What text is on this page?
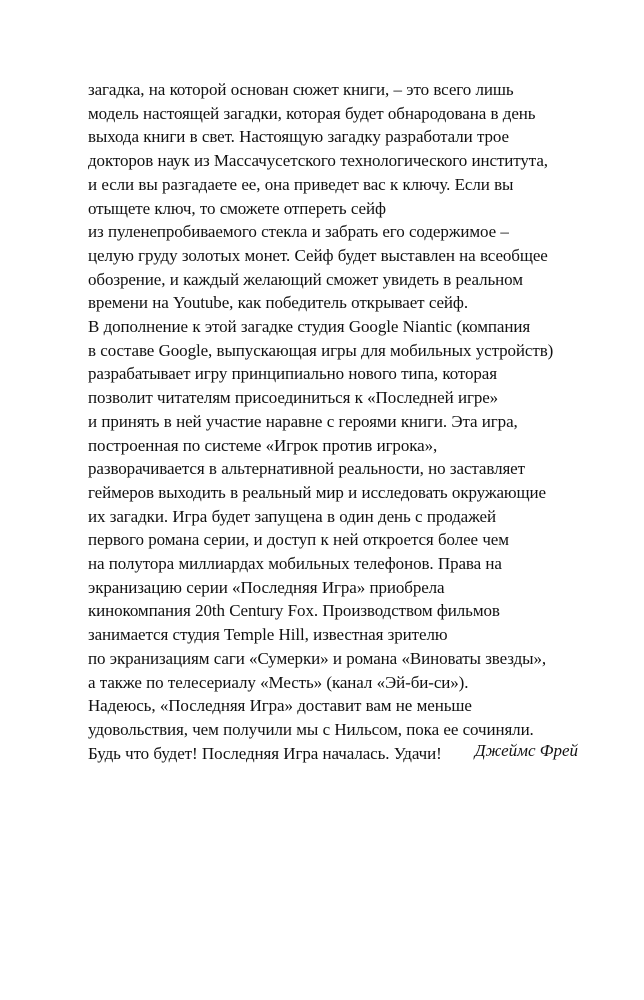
загадка, на которой основан сюжет книги, – это всего лишь
модель настоящей загадки, которая будет обнародована в день
выхода книги в свет. Настоящую загадку разработали трое
докторов наук из Массачусетского технологического института,
и если вы разгадаете ее, она приведет вас к ключу. Если вы
отыщете ключ, то сможете отпереть сейф
из пуленепробиваемого стекла и забрать его содержимое –
целую груду золотых монет. Сейф будет выставлен на всеобщее
обозрение, и каждый желающий сможет увидеть в реальном
времени на Youtube, как победитель открывает сейф.
В дополнение к этой загадке студия Google Niantic (компания
в составе Google, выпускающая игры для мобильных устройств)
разрабатывает игру принципиально нового типа, которая
позволит читателям присоединиться к «Последней игре»
и принять в ней участие наравне с героями книги. Эта игра,
построенная по системе «Игрок против игрока»,
разворачивается в альтернативной реальности, но заставляет
геймеров выходить в реальный мир и исследовать окружающие
их загадки. Игра будет запущена в один день с продажей
первого романа серии, и доступ к ней откроется более чем
на полутора миллиардах мобильных телефонов. Права на
экранизацию серии «Последняя Игра» приобрела
кинокомпания 20th Century Fox. Производством фильмов
занимается студия Temple Hill, известная зрителю
по экранизациям саги «Сумерки» и романа «Виноваты звезды»,
а также по телесериалу «Месть» (канал «Эй-би-си»).
Надеюсь, «Последняя Игра» доставит вам не меньше
удовольствия, чем получили мы с Нильсом, пока ее сочиняли.
Будь что будет! Последняя Игра началась. Удачи!	Джеймс Фрей
